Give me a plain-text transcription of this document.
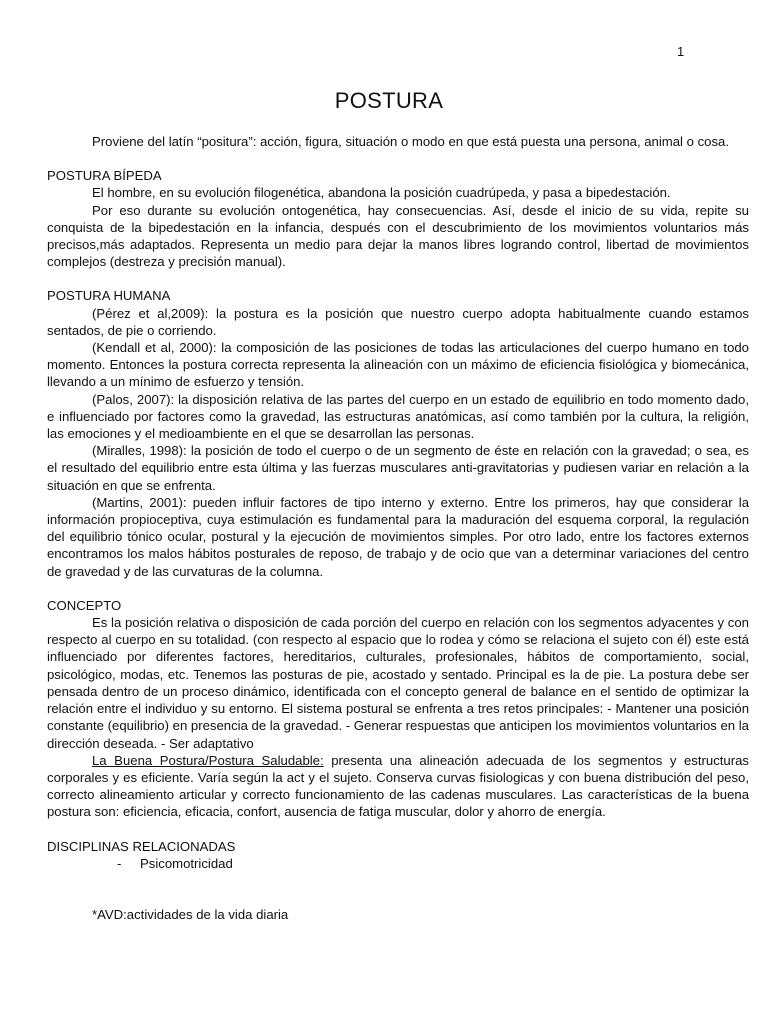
1
POSTURA

Proviene del latín “positura”: acción, figura, situación o modo en que está puesta una persona, animal o cosa.

POSTURA BÍPEDA

El hombre, en su evolución filogenética, abandona la posición cuadrúpeda, y pasa a bipedestación.

Por eso durante su evolución ontogenética, hay consecuencias. Así, desde el inicio de su vida, repite su conquista de la bipedestación en la infancia, después con el descubrimiento de los movimientos voluntarios más precisos,más adaptados. Representa un medio para dejar la manos libres logrando control, libertad de movimientos complejos (destreza y precisión manual).

POSTURA HUMANA

(Pérez et al,2009): la postura es la posición que nuestro cuerpo adopta habitualmente cuando estamos sentados, de pie o corriendo.

(Kendall et al, 2000): la composición de las posiciones de todas las articulaciones del cuerpo humano en todo momento. Entonces la postura correcta representa la alineación con un máximo de eficiencia fisiológica y biomecánica, llevando a un mínimo de esfuerzo y tensión.

(Palos, 2007): la disposición relativa de las partes del cuerpo en un estado de equilibrio en todo momento dado, e influenciado por factores como la gravedad, las estructuras anatómicas, así como también por la cultura, la religión, las emociones y el medioambiente en el que se desarrollan las personas.

(Miralles, 1998): la posición de todo el cuerpo o de un segmento de éste en relación con la gravedad; o sea, es el resultado del equilibrio entre esta última y las fuerzas musculares anti-gravitatorias y pudiesen variar en relación a la situación en que se enfrenta.

(Martins, 2001): pueden influir factores de tipo interno y externo. Entre los primeros, hay que considerar la información propioceptiva, cuya estimulación es fundamental para la maduración del esquema corporal, la regulación del equilibrio tónico ocular, postural y la ejecución de movimientos simples. Por otro lado, entre los factores externos encontramos los malos hábitos posturales de reposo, de trabajo y de ocio que van a determinar variaciones del centro de gravedad y de las curvaturas de la columna.

CONCEPTO

Es la posición relativa o disposición de cada porción del cuerpo en relación con los segmentos adyacentes y con respecto al cuerpo en su totalidad. (con respecto al espacio que lo rodea y cómo se relaciona el sujeto con él) este está influenciado por diferentes factores, hereditarios, culturales, profesionales, hábitos de comportamiento, social, psicológico, modas, etc. Tenemos las posturas de pie, acostado y sentado. Principal es la de pie. La postura debe ser pensada dentro de un proceso dinámico, identificada con el concepto general de balance en el sentido de optimizar la relación entre el individuo y su entorno. El sistema postural se enfrenta a tres retos principales: - Mantener una posición constante (equilibrio) en presencia de la gravedad. - Generar respuestas que anticipen los movimientos voluntarios en la dirección deseada. - Ser adaptativo

La Buena Postura/Postura Saludable: presenta una alineación adecuada de los segmentos y estructuras corporales y es eficiente. Varía según la act y el sujeto. Conserva curvas fisiologicas y con buena distribución del peso, correcto alineamiento articular y correcto funcionamiento de las cadenas musculares. Las características de la buena postura son: eficiencia, eficacia, confort, ausencia de fatiga muscular, dolor y ahorro de energía.

DISCIPLINAS RELACIONADAS

- Psicomotricidad

*AVD:actividades de la vida diaria
